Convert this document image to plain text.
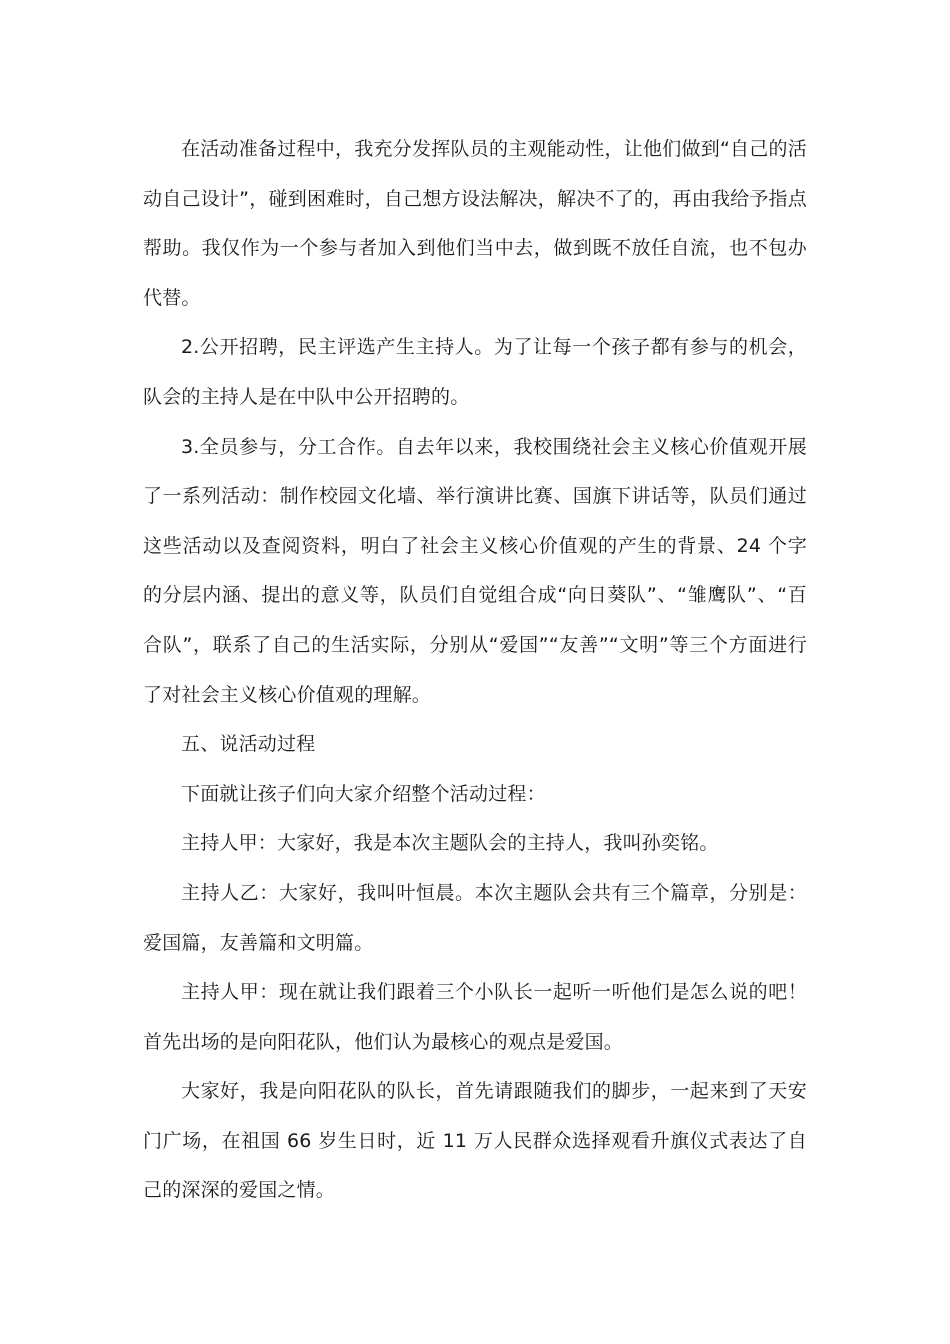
在活动准备过程中，我充分发挥队员的主观能动性，让他们做到“自己的活动自己设计”，碰到困难时，自己想方设法解决，解决不了的，再由我给予指点帮助。我仅作为一个参与者加入到他们当中去，做到既不放任自流，也不包办代替。

2.公开招聘，民主评选产生主持人。为了让每一个孩子都有参与的机会，队会的主持人是在中队中公开招聘的。

3.全员参与，分工合作。自去年以来，我校围绕社会主义核心价值观开展了一系列活动：制作校园文化墙、举行演讲比赛、国旗下讲话等，队员们通过这些活动以及查阅资料，明白了社会主义核心价值观的产生的背景、24 个字的分层内涵、提出的意义等，队员们自觉组合成“向日葵队”、“雏鹰队”、“百合队”，联系了自己的生活实际，分别从“爱国”“友善”“文明”等三个方面进行了对社会主义核心价值观的理解。

五、说活动过程

下面就让孩子们向大家介绍整个活动过程：

主持人甲：大家好，我是本次主题队会的主持人，我叫孙奕铭。

主持人乙：大家好，我叫叶恒晨。本次主题队会共有三个篇章，分别是：爱国篇，友善篇和文明篇。

主持人甲：现在就让我们跟着三个小队长一起听一听他们是怎么说的吧！首先出场的是向阳花队，他们认为最核心的观点是爱国。

大家好，我是向阳花队的队长，首先请跟随我们的脚步，一起来到了天安门广场，在祖国 66 岁生日时，近 11 万人民群众选择观看升旗仪式表达了自己的深深的爱国之情。
